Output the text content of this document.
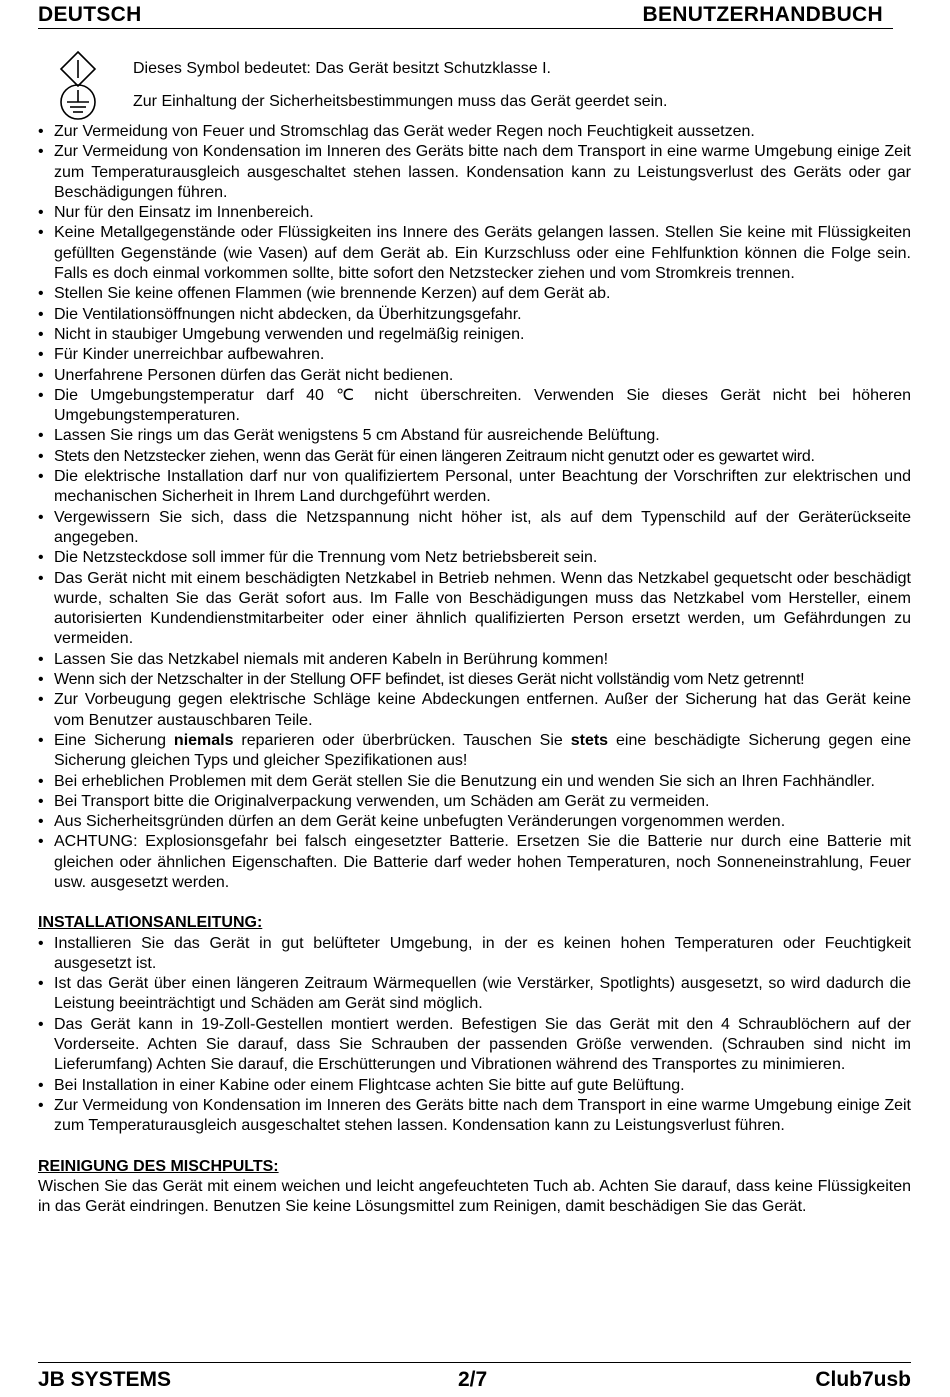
DEUTSCH	BENUTZERHANDBUCH
Dieses Symbol bedeutet: Das Gerät besitzt Schutzklasse I.
Zur Einhaltung der Sicherheitsbestimmungen muss das Gerät geerdet sein.
• Zur Vermeidung von Feuer und Stromschlag das Gerät weder Regen noch Feuchtigkeit aussetzen.
• Zur Vermeidung von Kondensation im Inneren des Geräts bitte nach dem Transport in eine warme Umgebung einige Zeit zum Temperaturausgleich ausgeschaltet stehen lassen. Kondensation kann zu Leistungsverlust des Geräts oder gar Beschädigungen führen.
• Nur für den Einsatz im Innenbereich.
• Keine Metallgegenstände oder Flüssigkeiten ins Innere des Geräts gelangen lassen. Stellen Sie keine mit Flüssigkeiten gefüllten Gegenstände (wie Vasen) auf dem Gerät ab. Ein Kurzschluss oder eine Fehlfunktion können die Folge sein. Falls es doch einmal vorkommen sollte, bitte sofort den Netzstecker ziehen und vom Stromkreis trennen.
• Stellen Sie keine offenen Flammen (wie brennende Kerzen) auf dem Gerät ab.
• Die Ventilationsöffnungen nicht abdecken, da Überhitzungsgefahr.
• Nicht in staubiger Umgebung verwenden und regelmäßig reinigen.
• Für Kinder unerreichbar aufbewahren.
• Unerfahrene Personen dürfen das Gerät nicht bedienen.
• Die Umgebungstemperatur darf 40 ℃ nicht überschreiten. Verwenden Sie dieses Gerät nicht bei höheren Umgebungstemperaturen.
• Lassen Sie rings um das Gerät wenigstens 5 cm Abstand für ausreichende Belüftung.
• Stets den Netzstecker ziehen, wenn das Gerät für einen längeren Zeitraum nicht genutzt oder es gewartet wird.
• Die elektrische Installation darf nur von qualifiziertem Personal, unter Beachtung der Vorschriften zur elektrischen und mechanischen Sicherheit in Ihrem Land durchgeführt werden.
• Vergewissern Sie sich, dass die Netzspannung nicht höher ist, als auf dem Typenschild auf der Geräterückseite angegeben.
• Die Netzsteckdose soll immer für die Trennung vom Netz betriebsbereit sein.
• Das Gerät nicht mit einem beschädigten Netzkabel in Betrieb nehmen. Wenn das Netzkabel gequetscht oder beschädigt wurde, schalten Sie das Gerät sofort aus. Im Falle von Beschädigungen muss das Netzkabel vom Hersteller, einem autorisierten Kundendienstmitarbeiter oder einer ähnlich qualifizierten Person ersetzt werden, um Gefährdungen zu vermeiden.
• Lassen Sie das Netzkabel niemals mit anderen Kabeln in Berührung kommen!
• Wenn sich der Netzschalter in der Stellung OFF befindet, ist dieses Gerät nicht vollständig vom Netz getrennt!
• Zur Vorbeugung gegen elektrische Schläge keine Abdeckungen entfernen. Außer der Sicherung hat das Gerät keine vom Benutzer austauschbaren Teile.
• Eine Sicherung niemals reparieren oder überbrücken. Tauschen Sie stets eine beschädigte Sicherung gegen eine Sicherung gleichen Typs und gleicher Spezifikationen aus!
• Bei erheblichen Problemen mit dem Gerät stellen Sie die Benutzung ein und wenden Sie sich an Ihren Fachhändler.
• Bei Transport bitte die Originalverpackung verwenden, um Schäden am Gerät zu vermeiden.
• Aus Sicherheitsgründen dürfen an dem Gerät keine unbefugten Veränderungen vorgenommen werden.
• ACHTUNG: Explosionsgefahr bei falsch eingesetzter Batterie. Ersetzen Sie die Batterie nur durch eine Batterie mit gleichen oder ähnlichen Eigenschaften. Die Batterie darf weder hohen Temperaturen, noch Sonneneinstrahlung, Feuer usw. ausgesetzt werden.
INSTALLATIONSANLEITUNG:
• Installieren Sie das Gerät in gut belüfteter Umgebung, in der es keinen hohen Temperaturen oder Feuchtigkeit ausgesetzt ist.
• Ist das Gerät über einen längeren Zeitraum Wärmequellen (wie Verstärker, Spotlights) ausgesetzt, so wird dadurch die Leistung beeinträchtigt und Schäden am Gerät sind möglich.
• Das Gerät kann in 19-Zoll-Gestellen montiert werden. Befestigen Sie das Gerät mit den 4 Schraublöchern auf der Vorderseite. Achten Sie darauf, dass Sie Schrauben der passenden Größe verwenden. (Schrauben sind nicht im Lieferumfang) Achten Sie darauf, die Erschütterungen und Vibrationen während des Transportes zu minimieren.
• Bei Installation in einer Kabine oder einem Flightcase achten Sie bitte auf gute Belüftung.
• Zur Vermeidung von Kondensation im Inneren des Geräts bitte nach dem Transport in eine warme Umgebung einige Zeit zum Temperaturausgleich ausgeschaltet stehen lassen. Kondensation kann zu Leistungsverlust führen.
REINIGUNG DES MISCHPULTS:

Wischen Sie das Gerät mit einem weichen und leicht angefeuchteten Tuch ab. Achten Sie darauf, dass keine Flüssigkeiten in das Gerät eindringen. Benutzen Sie keine Lösungsmittel zum Reinigen, damit beschädigen Sie das Gerät.

JB SYSTEMS	2/7	Club7usb
